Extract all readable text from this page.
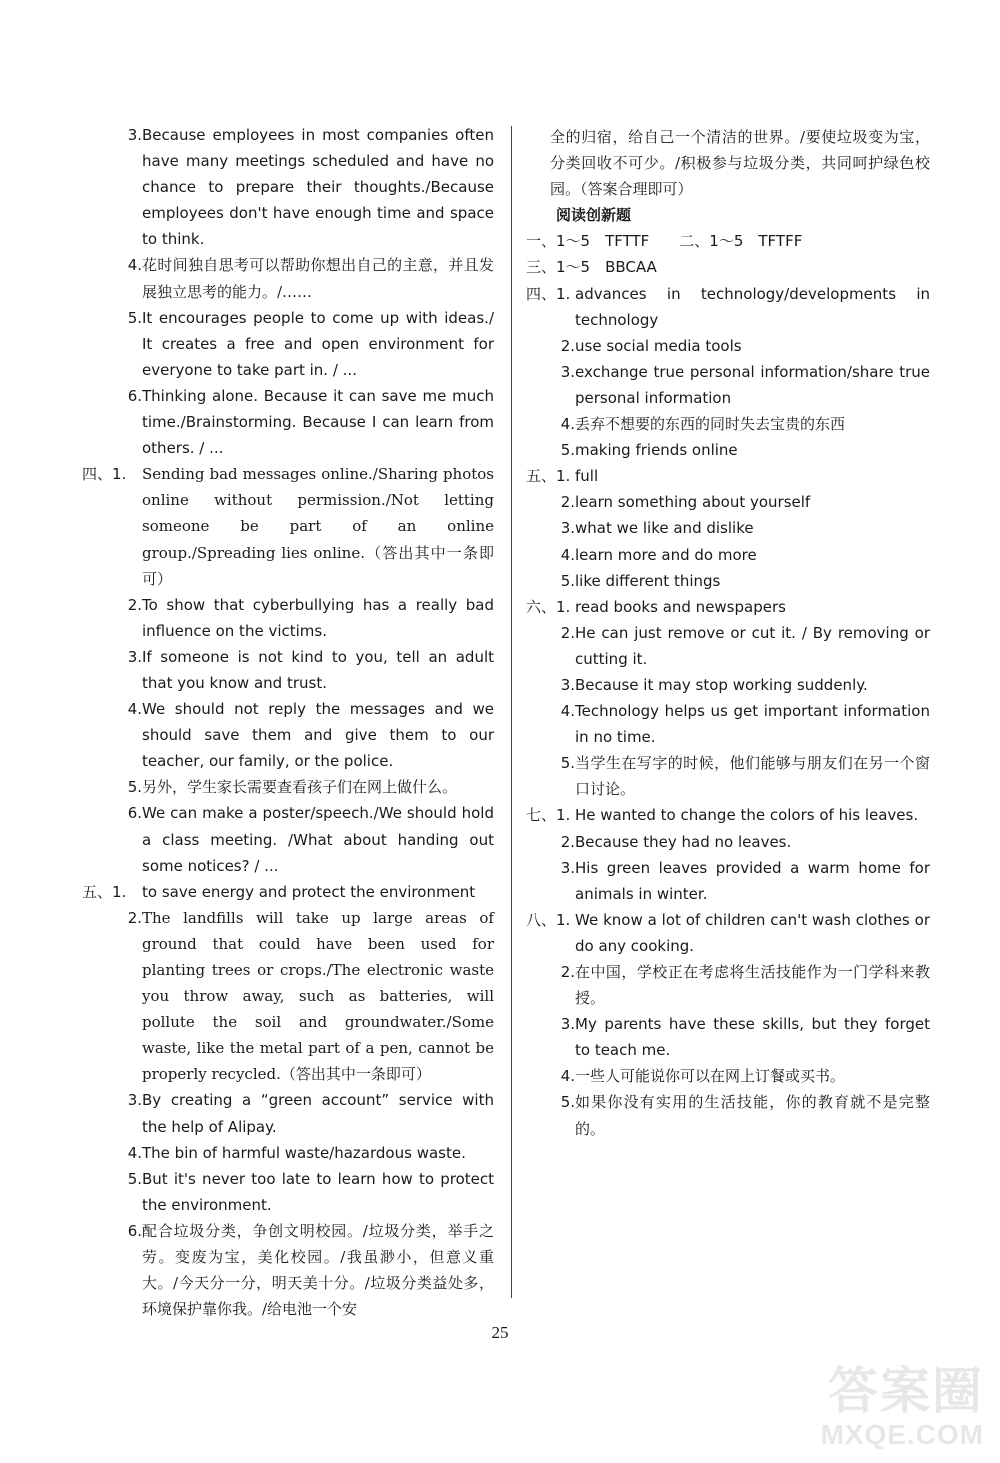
3. Because employees in most companies often have many meetings scheduled and have no chance to prepare their thoughts./Because employees don't have enough time and space to think.
4. 花时间独自思考可以帮助你想出自己的主意，并且发展独立思考的能力。/……
5. It encourages people to come up with ideas./ It creates a free and open environment for everyone to take part in. / ...
6. Thinking alone. Because it can save me much time./Brainstorming. Because I can learn from others. / ...
四、1.	Sending bad messages online./Sharing photos online without permission./Not letting someone be part of an online group./Spreading lies online.（答出其中一条即可）
2. To show that cyberbullying has a really bad influence on the victims.
3. If someone is not kind to you, tell an adult that you know and trust.
4. We should not reply the messages and we should save them and give them to our teacher, our family, or the police.
5. 另外，学生家长需要查看孩子们在网上做什么。
6. We can make a poster/speech./We should hold a class meeting. /What about handing out some notices? / ...
五、1.	to save energy and protect the environment
2. The landfills will take up large areas of ground that could have been used for planting trees or crops./The electronic waste you throw away, such as batteries, will pollute the soil and groundwater./Some waste, like the metal part of a pen, cannot be properly recycled.（答出其中一条即可）
3. By creating a “green account” service with the help of Alipay.
4. The bin of harmful waste/hazardous waste.
5. But it's never too late to learn how to protect the environment.
6. 配合垃圾分类，争创文明校园。/垃圾分类，举手之劳。变废为宝，美化校园。/我虽渺小，但意义重大。/今天分一分，明天美十分。/垃圾分类益处多，环境保护靠你我。/给电池一个安
全的归宿，给自己一个清洁的世界。/要使垃圾变为宝，分类回收不可少。/积极参与垃圾分类，共同呵护绿色校园。（答案合理即可）
阅读创新题
一、1～5　TFTTF　　二、1～5　TFTFF
三、1～5　BBCAA
四、1. advances in technology/developments in technology
2. use social media tools
3. exchange true personal information/share true personal information
4. 丢弃不想要的东西的同时失去宝贵的东西
5. making friends online
五、1. full
2. learn something about yourself
3. what we like and dislike
4. learn more and do more
5. like different things
六、1. read books and newspapers
2. He can just remove or cut it. / By removing or cutting it.
3. Because it may stop working suddenly.
4. Technology helps us get important information in no time.
5. 当学生在写字的时候，他们能够与朋友们在另一个窗口讨论。
七、1. He wanted to change the colors of his leaves.
2. Because they had no leaves.
3. His green leaves provided a warm home for animals in winter.
八、1. We know a lot of children can't wash clothes or do any cooking.
2. 在中国，学校正在考虑将生活技能作为一门学科来教授。
3. My parents have these skills, but they forget to teach me.
4. 一些人可能说你可以在网上订餐或买书。
5. 如果你没有实用的生活技能，你的教育就不是完整的。
25
答案圈
MXQE.COM
